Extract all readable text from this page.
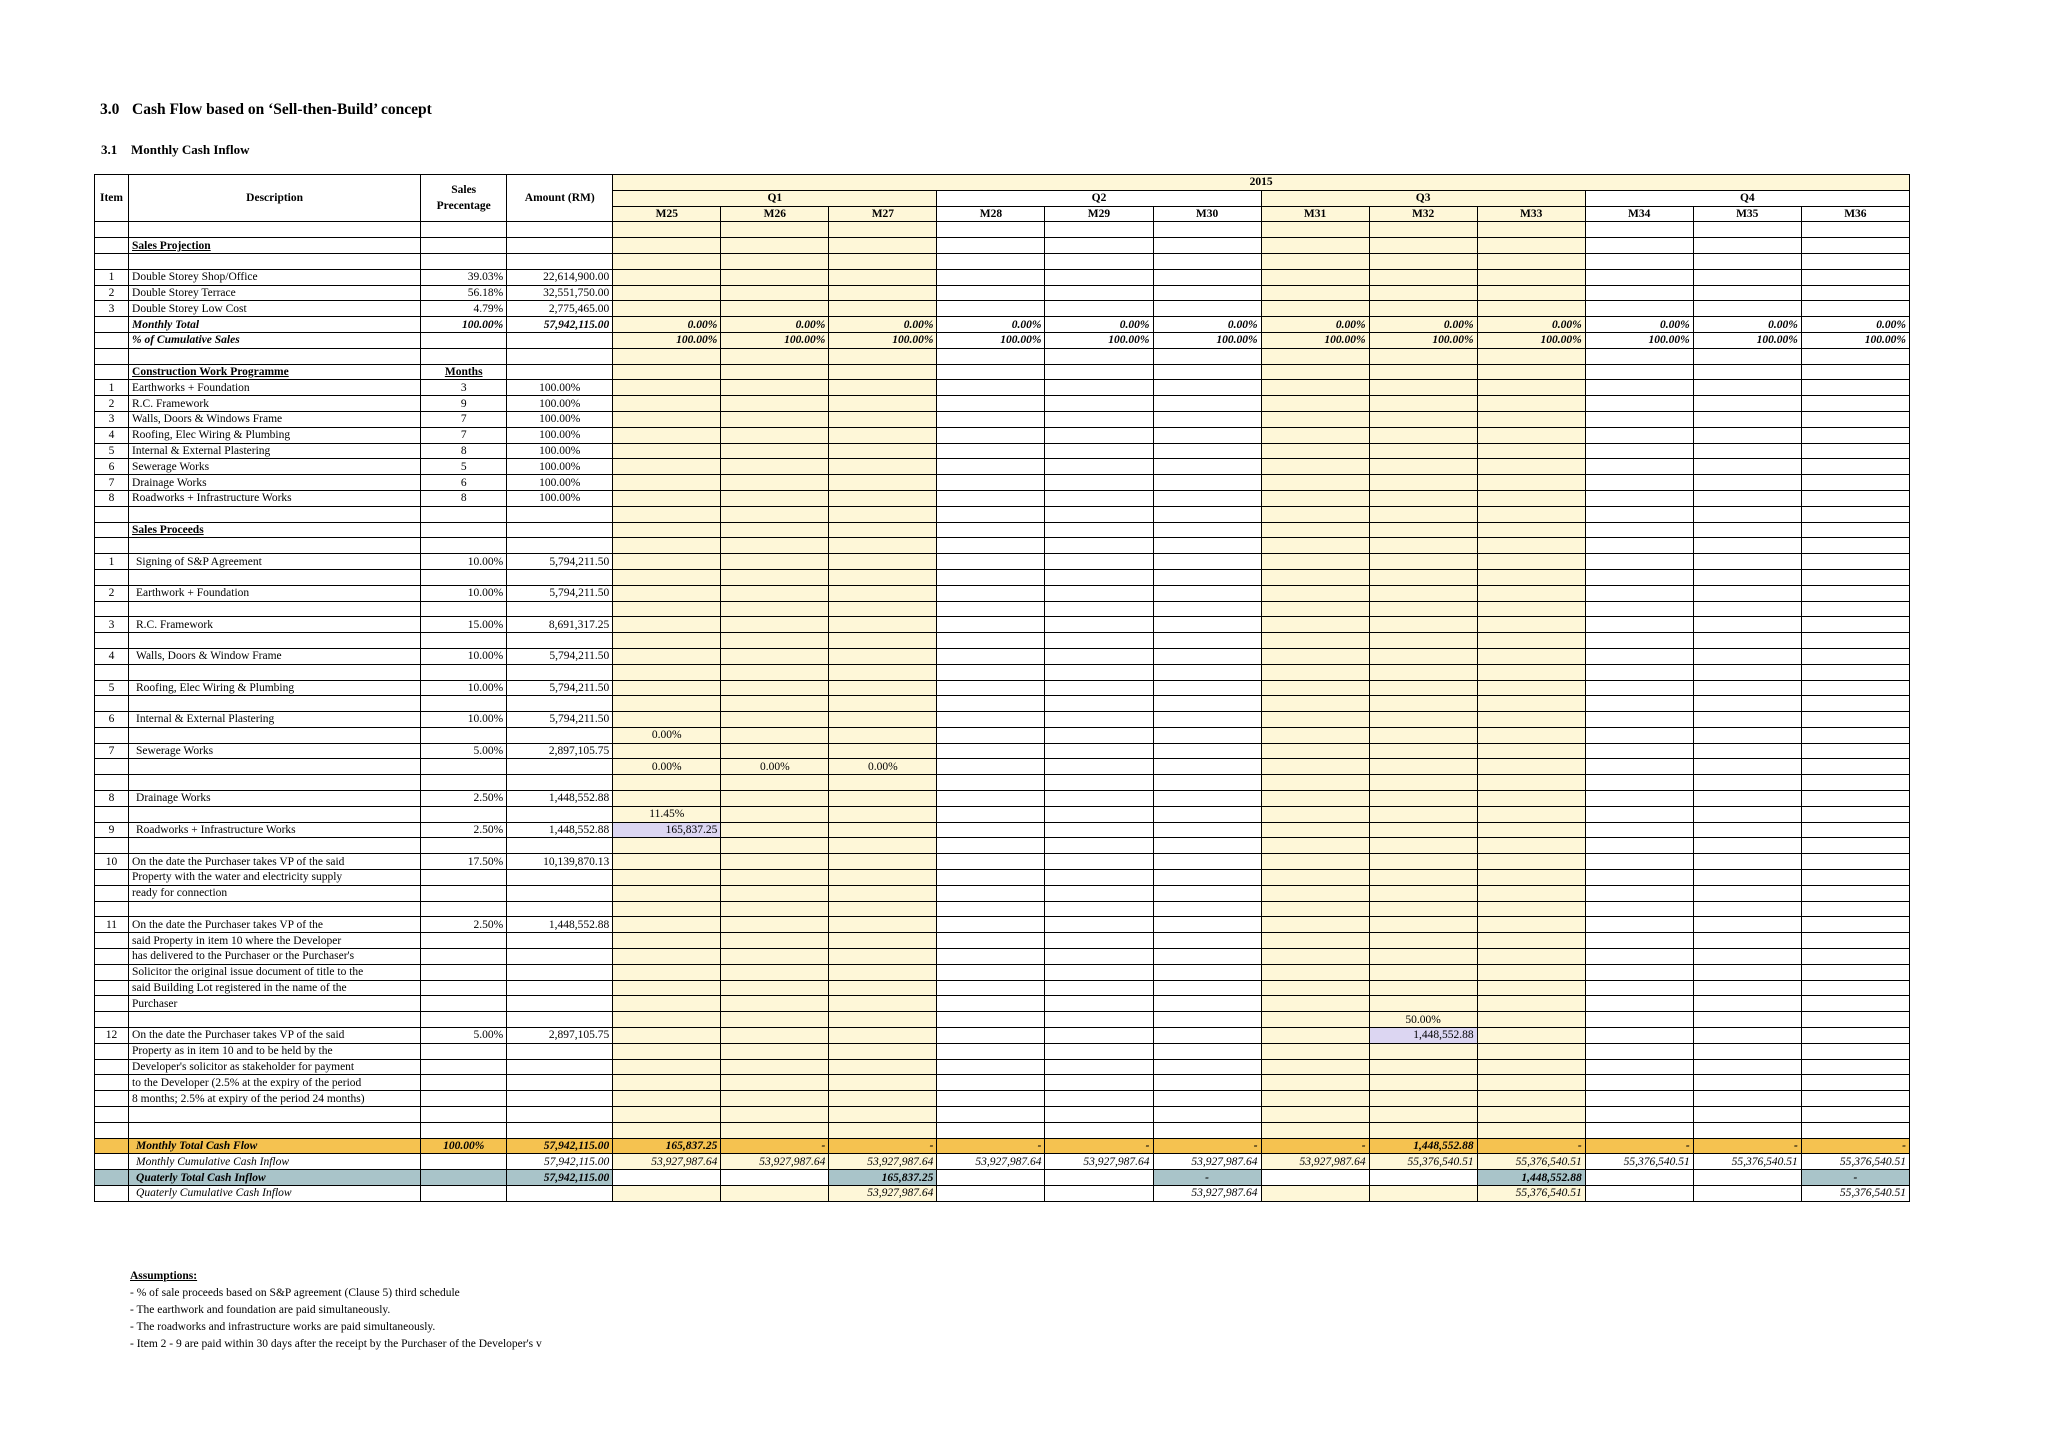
3.0 Cash Flow based on ‘Sell-then-Build’ concept
3.1 Monthly Cash Inflow
Item	Description	Sales Precentage	Amount (RM)	2015											
				Q1			Q2			Q3			Q4		
				M25	M26	M27	M28	M29	M30	M31	M32	M33	M34	M35	M36

	Sales Projection														

1	Double Storey Shop/Office	39.03%	22,614,900.00												
2	Double Storey Terrace	56.18%	32,551,750.00												
3	Double Storey Low Cost	4.79%	2,775,465.00												
	Monthly Total	100.00%	57,942,115.00	0.00%	0.00%	0.00%	0.00%	0.00%	0.00%	0.00%	0.00%	0.00%	0.00%	0.00%	0.00%
	% of Cumulative Sales			100.00%	100.00%	100.00%	100.00%	100.00%	100.00%	100.00%	100.00%	100.00%	100.00%	100.00%	100.00%

	Construction Work Programme	Months													
1	Earthworks + Foundation	3	100.00%												
2	R.C. Framework	9	100.00%												
3	Walls, Doors & Windows Frame	7	100.00%												
4	Roofing, Elec Wiring & Plumbing	7	100.00%												
5	Internal & External Plastering	8	100.00%												
6	Sewerage Works	5	100.00%												
7	Drainage Works	6	100.00%												
8	Roadworks + Infrastructure Works	8	100.00%												

	Sales Proceeds														

1	Signing of S&P Agreement	10.00%	5,794,211.50												

2	Earthwork + Foundation	10.00%	5,794,211.50												

3	R.C. Framework	15.00%	8,691,317.25												

4	Walls, Doors & Window Frame	10.00%	5,794,211.50												

5	Roofing, Elec Wiring & Plumbing	10.00%	5,794,211.50												

6	Internal & External Plastering	10.00%	5,794,211.50												
				0.00%											
7	Sewerage Works	5.00%	2,897,105.75												
				0.00%	0.00%	0.00%									

8	Drainage Works	2.50%	1,448,552.88												
				11.45%											
9	Roadworks + Infrastructure Works	2.50%	1,448,552.88	165,837.25											

10	On the date the Purchaser takes VP of the said	17.50%	10,139,870.13												
	Property with the water and electricity supply														
	ready for connection														

11	On the date the Purchaser takes VP of the	2.50%	1,448,552.88												
	said Property in item 10 where the Developer														
	has delivered to the Purchaser or the Purchaser's														
	Solicitor the original issue document of title to the														
	said Building Lot registered in the name of the														
	Purchaser														
											50.00%				
12	On the date the Purchaser takes VP of the said	5.00%	2,897,105.75								1,448,552.88				
	Property as in item 10 and to be held by the														
	Developer's solicitor as stakeholder for payment														
	to the Developer (2.5% at the expiry of the period														
	8 months; 2.5% at expiry of the period 24 months)														

	Monthly Total Cash Flow	100.00%	57,942,115.00	165,837.25	-	-	-	-	-	-	1,448,552.88	-	-	-	-
	Monthly Cumulative Cash Inflow		57,942,115.00	53,927,987.64	53,927,987.64	53,927,987.64	53,927,987.64	53,927,987.64	53,927,987.64	53,927,987.64	55,376,540.51	55,376,540.51	55,376,540.51	55,376,540.51	55,376,540.51
	Quaterly Total Cash Inflow		57,942,115.00			165,837.25			-			1,448,552.88			-
	Quaterly Cumulative Cash Inflow					53,927,987.64			53,927,987.64			55,376,540.51			55,376,540.51
Assumptions:
- % of sale proceeds based on S&P agreement (Clause 5) third schedule
- The earthwork and foundation are paid simultaneously.
- The roadworks and infrastructure works are paid simultaneously.
- Item 2 - 9 are paid within 30 days after the receipt by the Purchaser of the Developer's v
